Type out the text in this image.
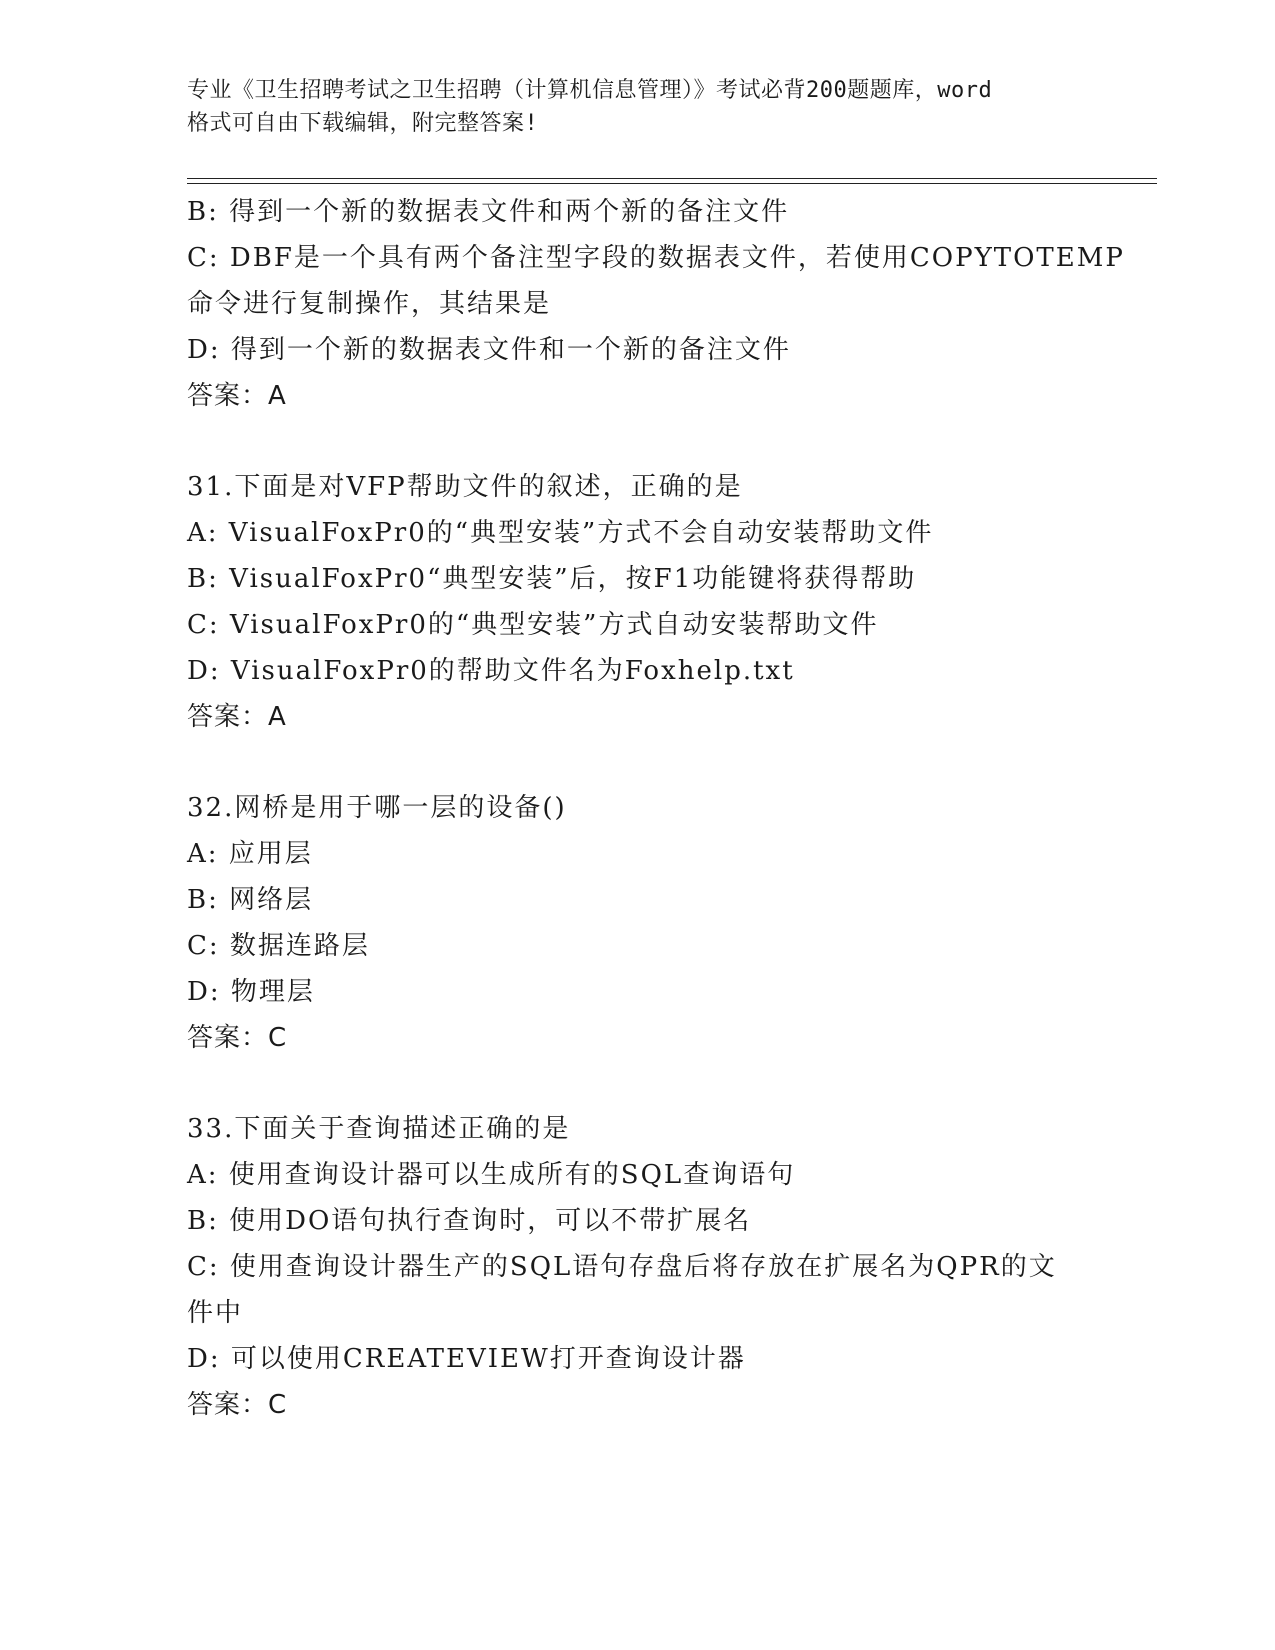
专业《卫生招聘考试之卫生招聘（计算机信息管理）》考试必背200题题库，word
格式可自由下载编辑，附完整答案!
B: 得到一个新的数据表文件和两个新的备注文件
C: DBF是一个具有两个备注型字段的数据表文件，若使用COPYTOTEMP
命令进行复制操作，其结果是
D: 得到一个新的数据表文件和一个新的备注文件
答案：A
31.下面是对VFP帮助文件的叙述，正确的是
A: VisualFoxPr0的“典型安装”方式不会自动安装帮助文件
B: VisualFoxPr0“典型安装”后，按F1功能键将获得帮助
C: VisualFoxPr0的“典型安装”方式自动安装帮助文件
D: VisualFoxPr0的帮助文件名为Foxhelp.txt
答案：A
32.网桥是用于哪一层的设备()
A: 应用层
B: 网络层
C: 数据连路层
D: 物理层
答案：C
33.下面关于查询描述正确的是
A: 使用查询设计器可以生成所有的SQL查询语句
B: 使用DO语句执行查询时，可以不带扩展名
C: 使用查询设计器生产的SQL语句存盘后将存放在扩展名为QPR的文
件中
D: 可以使用CREATEVIEW打开查询设计器
答案：C
